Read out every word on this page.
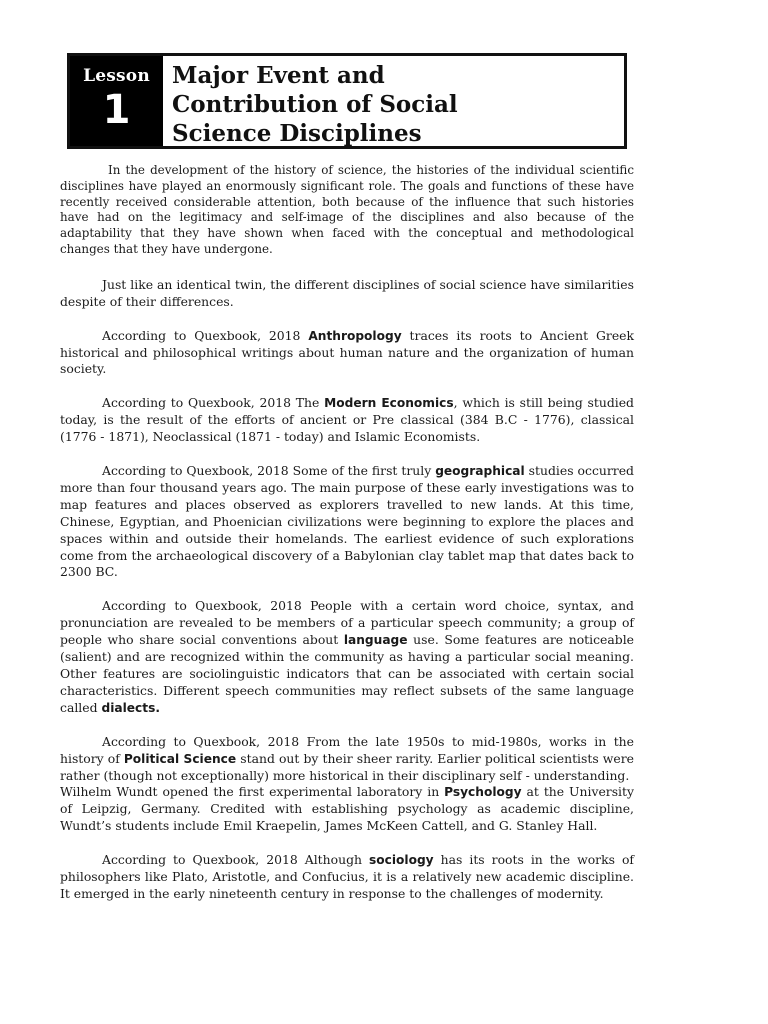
Lesson
1
Major Event and
Contribution of Social
Science Disciplines

In the development of the history of science, the histories of the individual scientific disciplines have played an enormously significant role. The goals and functions of these have recently received considerable attention, both because of the influence that such histories have had on the legitimacy and self-image of the disciplines and also because of the adaptability that they have shown when faced with the conceptual and methodological changes that they have undergone.

Just like an identical twin, the different disciplines of social science have similarities despite of their differences.

According to Quexbook, 2018 Anthropology traces its roots to Ancient Greek historical and philosophical writings about human nature and the organization of human society.

According to Quexbook, 2018 The Modern Economics, which is still being studied today, is the result of the efforts of ancient or Pre classical (384 B.C - 1776), classical (1776 - 1871), Neoclassical (1871 - today) and Islamic Economists.

According to Quexbook, 2018 Some of the first truly geographical studies occurred more than four thousand years ago. The main purpose of these early investigations was to map features and places observed as explorers travelled to new lands. At this time, Chinese, Egyptian, and Phoenician civilizations were beginning to explore the places and spaces within and outside their homelands. The earliest evidence of such explorations come from the archaeological discovery of a Babylonian clay tablet map that dates back to 2300 BC.

According to Quexbook, 2018 People with a certain word choice, syntax, and pronunciation are revealed to be members of a particular speech community; a group of people who share social conventions about language use. Some features are noticeable (salient) and are recognized within the community as having a particular social meaning. Other features are sociolinguistic indicators that can be associated with certain social characteristics. Different speech communities may reflect subsets of the same language called dialects.

According to Quexbook, 2018 From the late 1950s to mid-1980s, works in the history of Political Science stand out by their sheer rarity. Earlier political scientists were rather (though not exceptionally) more historical in their disciplinary self - understanding.

Wilhelm Wundt opened the first experimental laboratory in Psychology at the University of Leipzig, Germany. Credited with establishing psychology as academic discipline, Wundt’s students include Emil Kraepelin, James McKeen Cattell, and G. Stanley Hall.

According to Quexbook, 2018 Although sociology has its roots in the works of philosophers like Plato, Aristotle, and Confucius, it is a relatively new academic discipline. It emerged in the early nineteenth century in response to the challenges of modernity.
